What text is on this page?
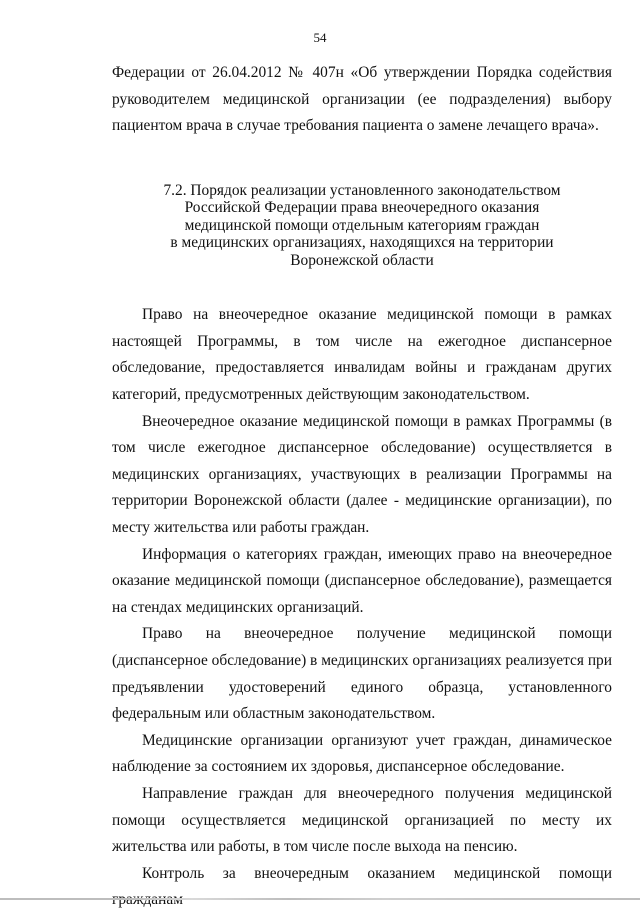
54

Федерации от 26.04.2012 № 407н «Об утверждении Порядка содействия руководителем медицинской организации (ее подразделения) выбору пациентом врача в случае требования пациента о замене лечащего врача».

7.2. Порядок реализации установленного законодательством
Российской Федерации права внеочередного оказания
медицинской помощи отдельным категориям граждан
в медицинских организациях, находящихся на территории
Воронежской области

Право на внеочередное оказание медицинской помощи в рамках настоящей Программы, в том числе на ежегодное диспансерное обследование, предоставляется инвалидам войны и гражданам других категорий, предусмотренных действующим законодательством.

Внеочередное оказание медицинской помощи в рамках Программы (в том числе ежегодное диспансерное обследование) осуществляется в медицинских организациях, участвующих в реализации Программы на территории Воронежской области (далее - медицинские организации), по месту жительства или работы граждан.

Информация о категориях граждан, имеющих право на внеочередное оказание медицинской помощи (диспансерное обследование), размещается на стендах медицинских организаций.

Право на внеочередное получение медицинской помощи (диспансерное обследование) в медицинских организациях реализуется при предъявлении удостоверений единого образца, установленного федеральным или областным законодательством.

Медицинские организации организуют учет граждан, динамическое наблюдение за состоянием их здоровья, диспансерное обследование.

Направление граждан для внеочередного получения медицинской помощи осуществляется медицинской организацией по месту их жительства или работы, в том числе после выхода на пенсию.

Контроль за внеочередным оказанием медицинской помощи
